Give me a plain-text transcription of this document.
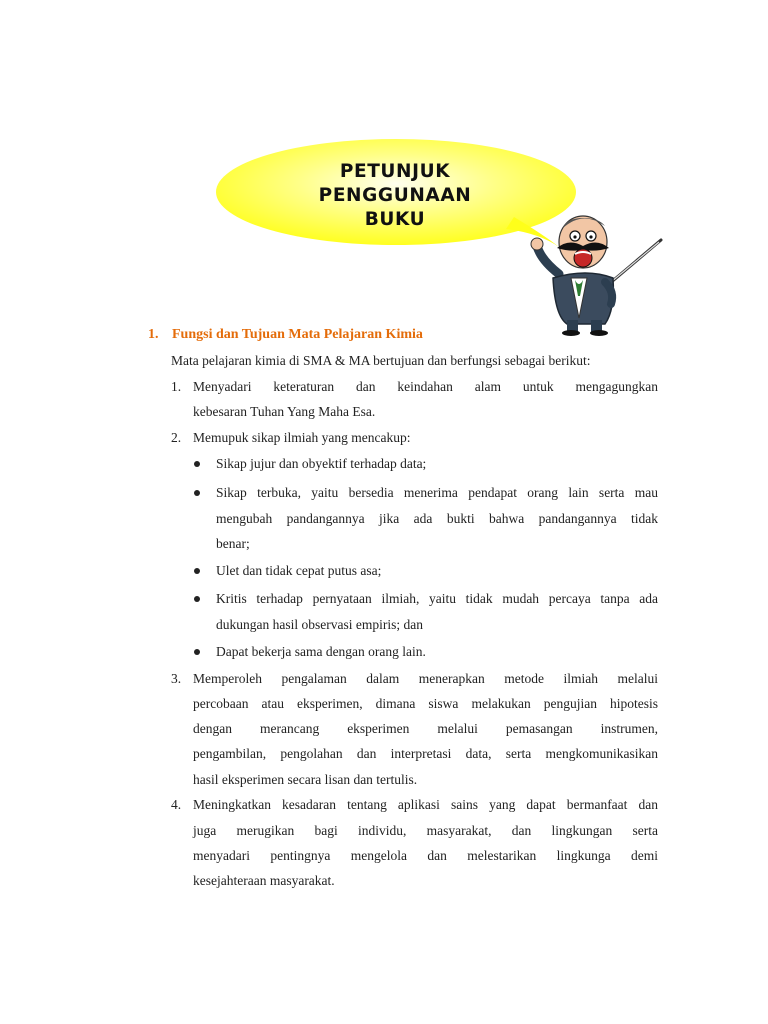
PETUNJUK
PENGGUNAAN
BUKU
1. Fungsi dan Tujuan Mata Pelajaran Kimia
Mata pelajaran kimia di SMA & MA bertujuan dan berfungsi sebagai berikut:
1. Menyadari keteraturan dan keindahan alam untuk mengagungkan
kebesaran Tuhan Yang Maha Esa.
2. Memupuk sikap ilmiah yang mencakup:
Sikap jujur dan obyektif terhadap data;
Sikap terbuka, yaitu bersedia menerima pendapat orang lain serta mau
mengubah pandangannya jika ada bukti bahwa pandangannya tidak
benar;
Ulet dan tidak cepat putus asa;
Kritis terhadap pernyataan ilmiah, yaitu tidak mudah percaya tanpa ada
dukungan hasil observasi empiris; dan
Dapat bekerja sama dengan orang lain.
3. Memperoleh pengalaman dalam menerapkan metode ilmiah melalui
percobaan atau eksperimen, dimana siswa melakukan pengujian hipotesis
dengan merancang eksperimen melalui pemasangan instrumen,
pengambilan, pengolahan dan interpretasi data, serta mengkomunikasikan
hasil eksperimen secara lisan dan tertulis.
4. Meningkatkan kesadaran tentang aplikasi sains yang dapat bermanfaat dan
juga merugikan bagi individu, masyarakat, dan lingkungan serta
menyadari pentingnya mengelola dan melestarikan lingkunga demi
kesejahteraan masyarakat.
